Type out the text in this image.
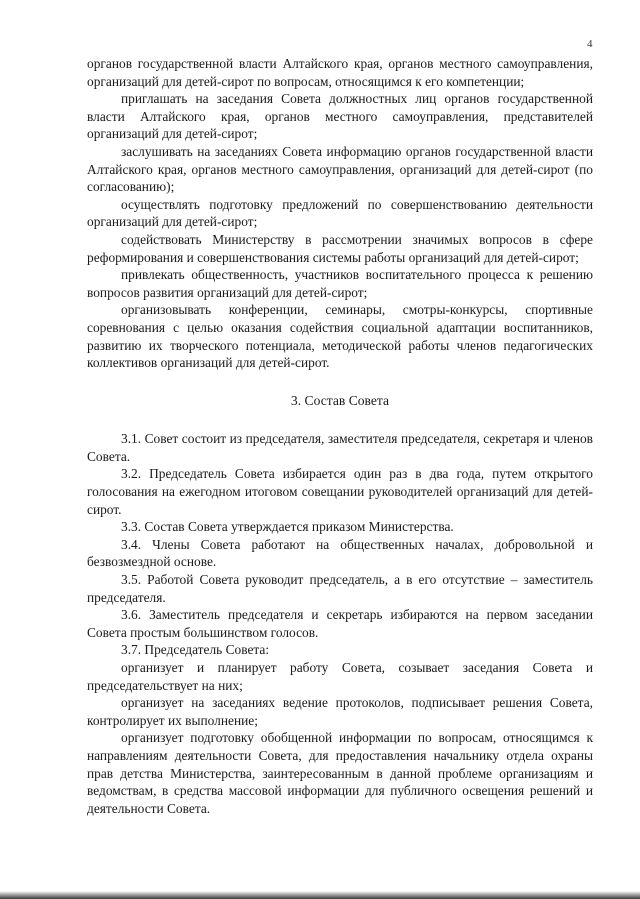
4

органов государственной власти Алтайского края, органов местного самоуправления, организаций для детей-сирот по вопросам, относящимся к его компетенции;

приглашать на заседания Совета должностных лиц органов государственной власти Алтайского края, органов местного самоуправления, представителей организаций для детей-сирот;

заслушивать на заседаниях Совета информацию органов государственной власти Алтайского края, органов местного самоуправления, организаций для детей-сирот (по согласованию);

осуществлять подготовку предложений по совершенствованию деятельности организаций для детей-сирот;

содействовать Министерству в рассмотрении значимых вопросов в сфере реформирования и совершенствования системы работы организаций для детей-сирот;

привлекать общественность, участников воспитательного процесса к решению вопросов развития организаций для детей-сирот;

организовывать конференции, семинары, смотры-конкурсы, спортивные соревнования с целью оказания содействия социальной адаптации воспитанников, развитию их творческого потенциала, методической работы членов педагогических коллективов организаций для детей-сирот.

3. Состав Совета

3.1. Совет состоит из председателя, заместителя председателя, секретаря и членов Совета.

3.2. Председатель Совета избирается один раз в два года, путем открытого голосования на ежегодном итоговом совещании руководителей организаций для детей-сирот.

3.3. Состав Совета утверждается приказом Министерства.

3.4. Члены Совета работают на общественных началах, добровольной и безвозмездной основе.

3.5. Работой Совета руководит председатель, а в его отсутствие – заместитель председателя.

3.6. Заместитель председателя и секретарь избираются на первом заседании Совета простым большинством голосов.

3.7. Председатель Совета:

организует и планирует работу Совета, созывает заседания Совета и председательствует на них;

организует на заседаниях ведение протоколов, подписывает решения Совета, контролирует их выполнение;

организует подготовку обобщенной информации по вопросам, относящимся к направлениям деятельности Совета, для предоставления начальнику отдела охраны прав детства Министерства, заинтересованным в данной проблеме организациям и ведомствам, в средства массовой информации для публичного освещения решений и деятельности Совета.
